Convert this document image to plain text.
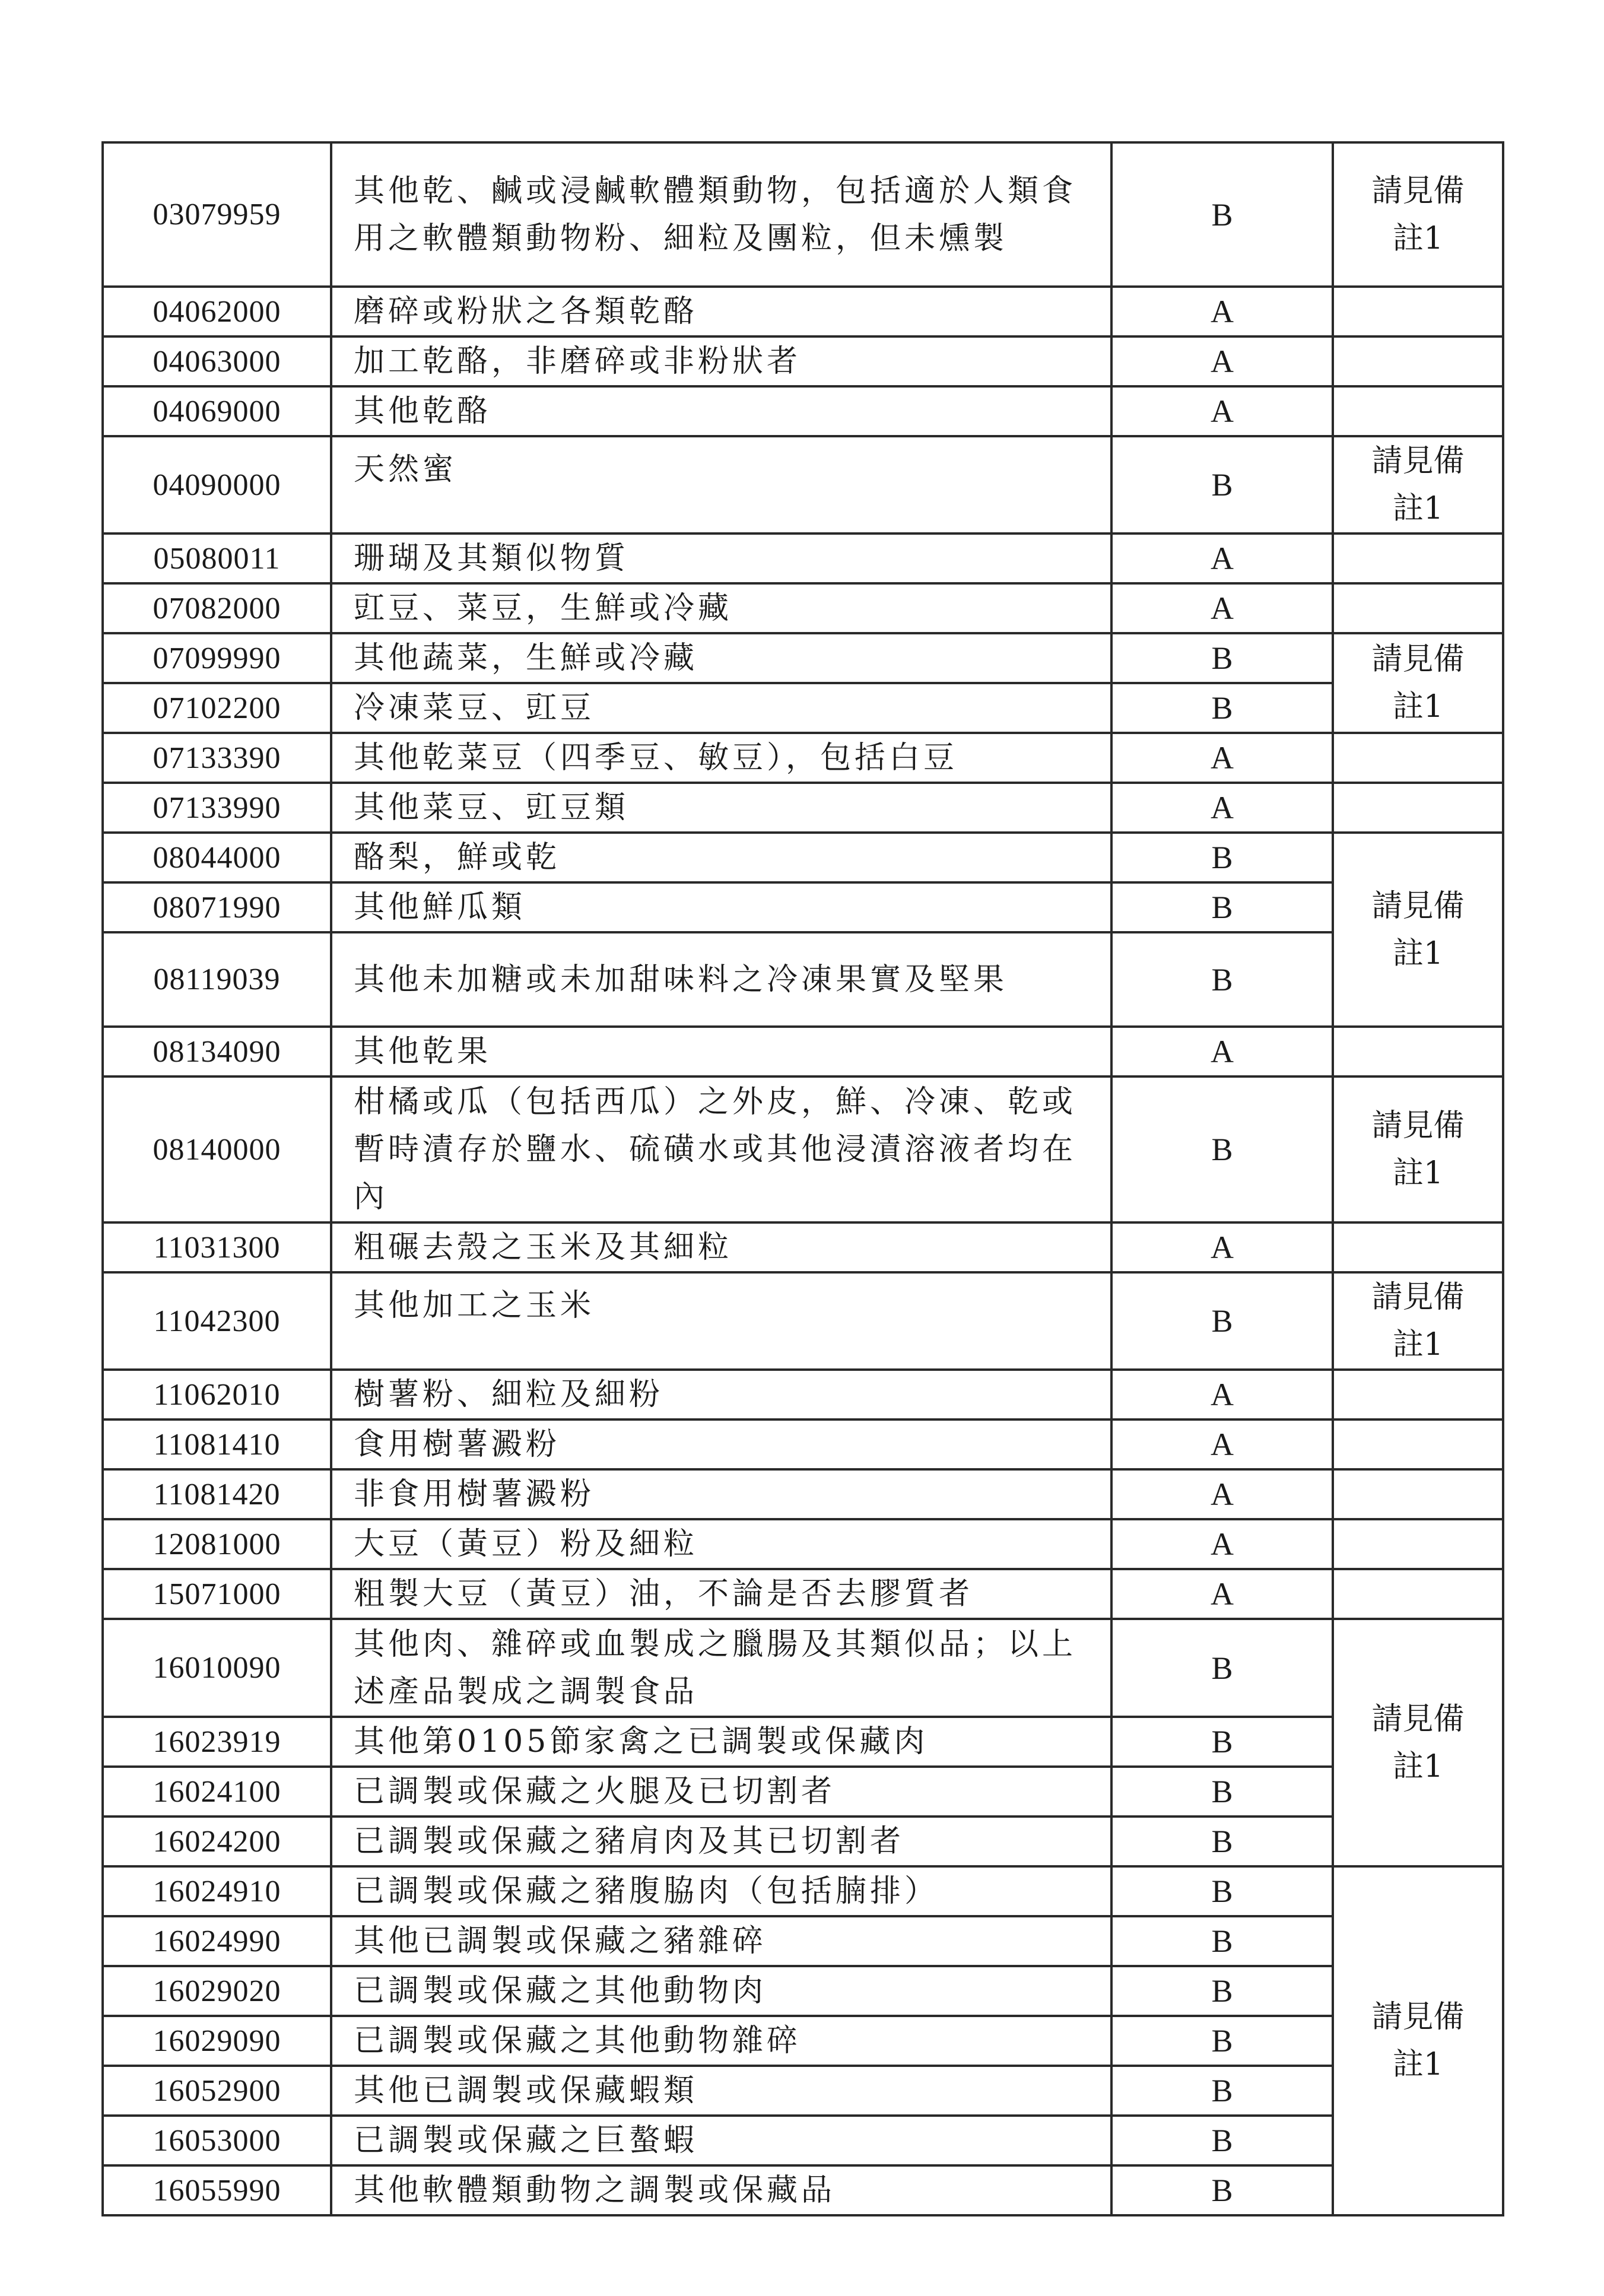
03079959	其他乾、鹹或浸鹹軟體類動物，包括適於人類食用之軟體類動物粉、細粒及團粒，但未燻製	B	請見備註1
04062000	磨碎或粉狀之各類乾酪	A	
04063000	加工乾酪，非磨碎或非粉狀者	A	
04069000	其他乾酪	A	
04090000	天然蜜	B	請見備註1
05080011	珊瑚及其類似物質	A	
07082000	豇豆、菜豆，生鮮或冷藏	A	
07099990	其他蔬菜，生鮮或冷藏	B	請見備註1
07102200	冷凍菜豆、豇豆	B	
07133390	其他乾菜豆（四季豆、敏豆），包括白豆	A	
07133990	其他菜豆、豇豆類	A	
08044000	酪梨，鮮或乾	B	請見備註1
08071990	其他鮮瓜類	B	
08119039	其他未加糖或未加甜味料之冷凍果實及堅果	B	
08134090	其他乾果	A	
08140000	柑橘或瓜（包括西瓜）之外皮，鮮、冷凍、乾或暫時漬存於鹽水、硫磺水或其他浸漬溶液者均在內	B	請見備註1
11031300	粗碾去殼之玉米及其細粒	A	
11042300	其他加工之玉米	B	請見備註1
11062010	樹薯粉、細粒及細粉	A	
11081410	食用樹薯澱粉	A	
11081420	非食用樹薯澱粉	A	
12081000	大豆（黃豆）粉及細粒	A	
15071000	粗製大豆（黃豆）油，不論是否去膠質者	A	
16010090	其他肉、雜碎或血製成之臘腸及其類似品；以上述產品製成之調製食品	B	請見備註1
16023919	其他第0105節家禽之已調製或保藏肉	B	
16024100	已調製或保藏之火腿及已切割者	B	
16024200	已調製或保藏之豬肩肉及其已切割者	B	
16024910	已調製或保藏之豬腹脇肉（包括腩排）	B	請見備註1
16024990	其他已調製或保藏之豬雜碎	B	
16029020	已調製或保藏之其他動物肉	B	
16029090	已調製或保藏之其他動物雜碎	B	
16052900	其他已調製或保藏蝦類	B	
16053000	已調製或保藏之巨螯蝦	B	
16055990	其他軟體類動物之調製或保藏品	B	
